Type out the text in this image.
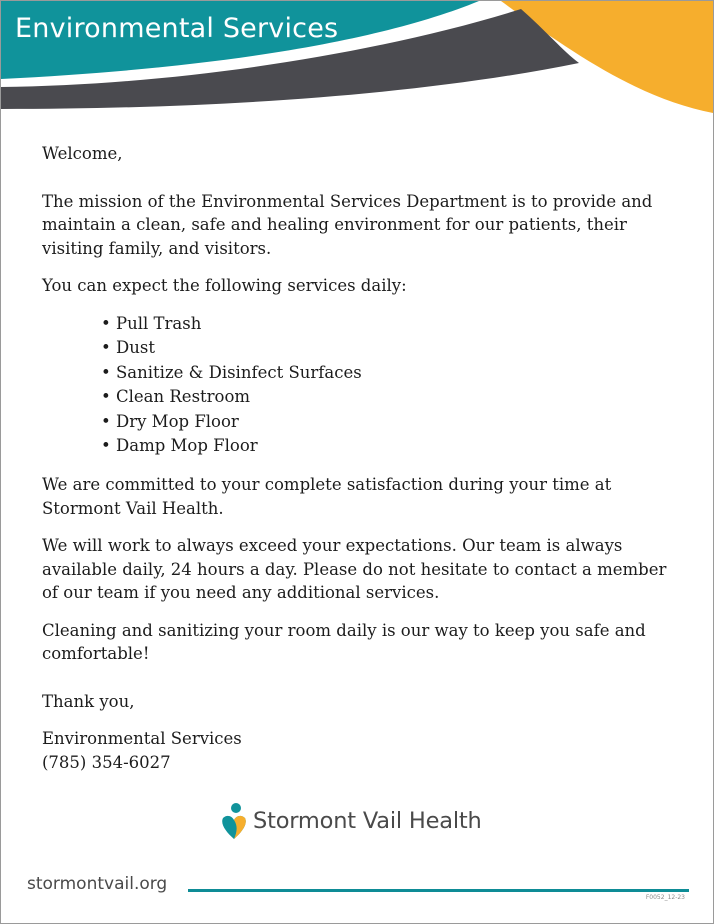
Environmental Services

Welcome,

The mission of the Environmental Services Department is to provide and maintain a clean, safe and healing environment for our patients, their visiting family, and visitors.

You can expect the following services daily:

• Pull Trash
• Dust
• Sanitize & Disinfect Surfaces
• Clean Restroom
• Dry Mop Floor
• Damp Mop Floor

We are committed to your complete satisfaction during your time at Stormont Vail Health.

We will work to always exceed your expectations. Our team is always available daily, 24 hours a day. Please do not hesitate to contact a member of our team if you need any additional services.

Cleaning and sanitizing your room daily is our way to keep you safe and comfortable!

Thank you,

Environmental Services

(785) 354-6027

Stormont Vail Health
stormontvail.org
F0052_12-23
